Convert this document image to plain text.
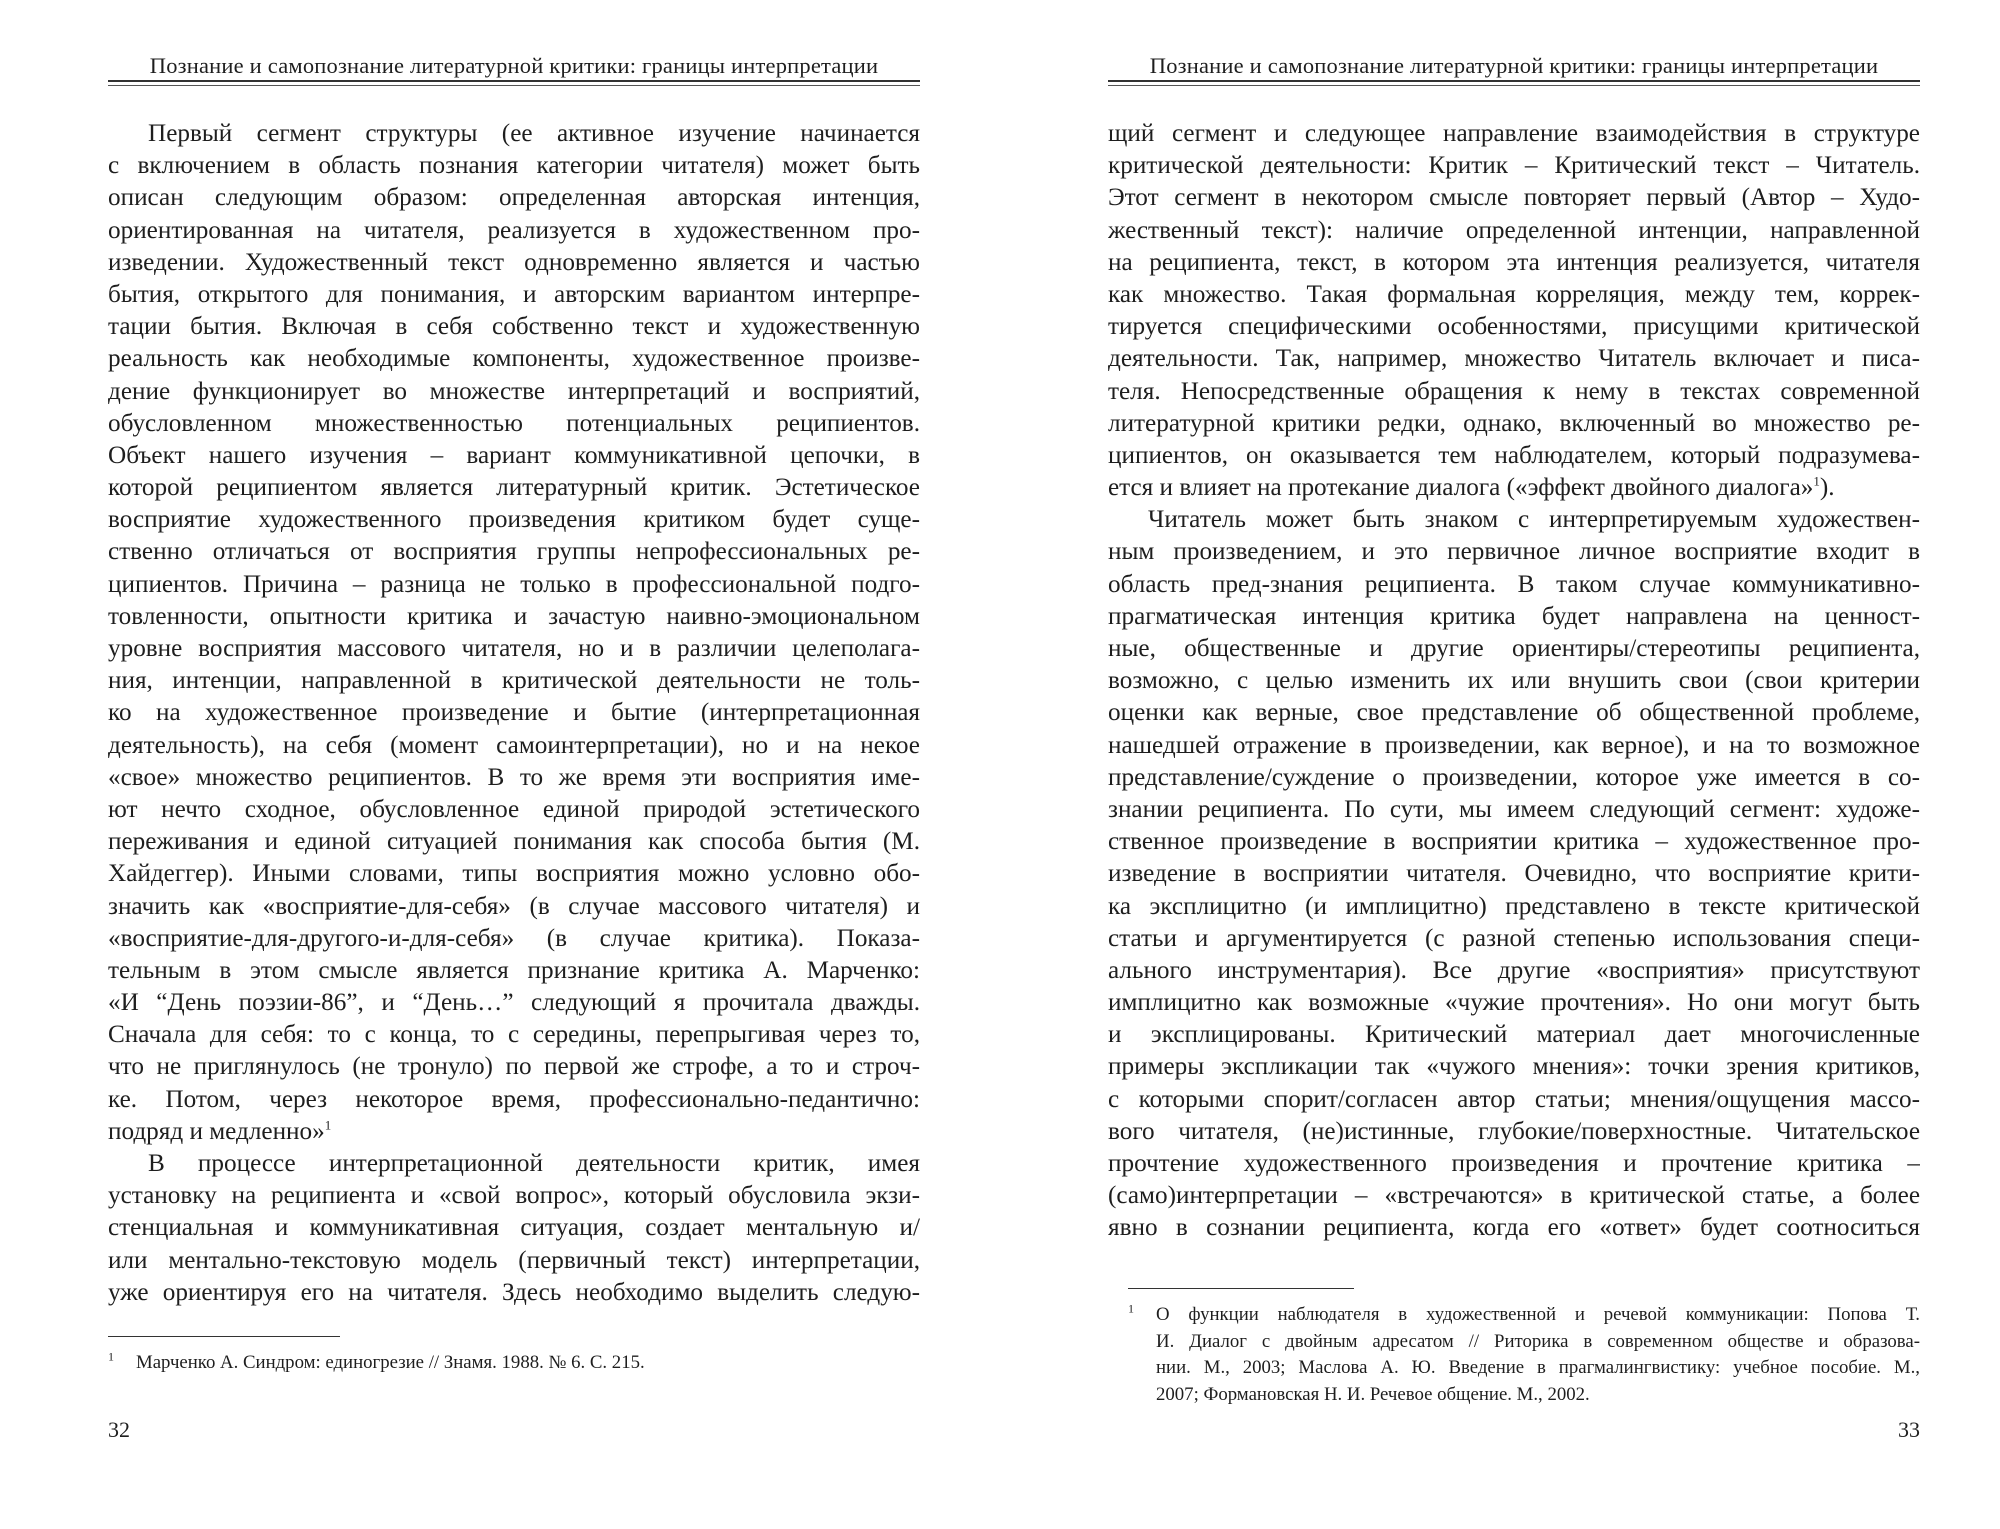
Познание и самопознание литературной критики: границы интерпретации
Первый сегмент структуры (ее активное изучение начинается
с включением в область познания категории читателя) может быть
описан следующим образом: определенная авторская интенция,
ориентированная на читателя, реализуется в художественном про-
изведении. Художественный текст одновременно является и частью
бытия, открытого для понимания, и авторским вариантом интерпре-
тации бытия. Включая в себя собственно текст и художественную
реальность как необходимые компоненты, художественное произве-
дение функционирует во множестве интерпретаций и восприятий,
обусловленном множественностью потенциальных реципиентов.
Объект нашего изучения – вариант коммуникативной цепочки, в
которой реципиентом является литературный критик. Эстетическое
восприятие художественного произведения критиком будет суще-
ственно отличаться от восприятия группы непрофессиональных ре-
ципиентов. Причина – разница не только в профессиональной подго-
товленности, опытности критика и зачастую наивно-эмоциональном
уровне восприятия массового читателя, но и в различии целеполага-
ния, интенции, направленной в критической деятельности не толь-
ко на художественное произведение и бытие (интерпретационная
деятельность), на себя (момент самоинтерпретации), но и на некое
«свое» множество реципиентов. В то же время эти восприятия име-
ют нечто сходное, обусловленное единой природой эстетического
переживания и единой ситуацией понимания как способа бытия (М.
Хайдеггер). Иными словами, типы восприятия можно условно обо-
значить как «восприятие-для-себя» (в случае массового читателя) и
«восприятие-для-другого-и-для-себя» (в случае критика). Показа-
тельным в этом смысле является признание критика А. Марченко:
«И “День поэзии-86”, и “День…” следующий я прочитала дважды.
Сначала для себя: то с конца, то с середины, перепрыгивая через то,
что не приглянулось (не тронуло) по первой же строфе, а то и строч-
ке. Потом, через некоторое время, профессионально-педантично:
подряд и медленно»$^1$
В процессе интерпретационной деятельности критик, имея
установку на реципиента и «свой вопрос», который обусловила экзи-
стенциальная и коммуникативная ситуация, создает ментальную и/
или ментально-текстовую модель (первичный текст) интерпретации,
уже ориентируя его на читателя. Здесь необходимо выделить следую-
$^1$ Марченко А. Синдром: единогрезие // Знамя. 1988. № 6. С. 215.
32
Познание и самопознание литературной критики: границы интерпретации
щий сегмент и следующее направление взаимодействия в структуре
критической деятельности: Критик – Критический текст – Читатель.
Этот сегмент в некотором смысле повторяет первый (Автор – Худо-
жественный текст): наличие определенной интенции, направленной
на реципиента, текст, в котором эта интенция реализуется, читателя
как множество. Такая формальная корреляция, между тем, коррек-
тируется специфическими особенностями, присущими критической
деятельности. Так, например, множество Читатель включает и писа-
теля. Непосредственные обращения к нему в текстах современной
литературной критики редки, однако, включенный во множество ре-
ципиентов, он оказывается тем наблюдателем, который подразумева-
ется и влияет на протекание диалога («эффект двойного диалога»$^1$).
Читатель может быть знаком с интерпретируемым художествен-
ным произведением, и это первичное личное восприятие входит в
область пред-знания реципиента. В таком случае коммуникативно-
прагматическая интенция критика будет направлена на ценност-
ные, общественные и другие ориентиры/стереотипы реципиента,
возможно, с целью изменить их или внушить свои (свои критерии
оценки как верные, свое представление об общественной проблеме,
нашедшей отражение в произведении, как верное), и на то возможное
представление/суждение о произведении, которое уже имеется в со-
знании реципиента. По сути, мы имеем следующий сегмент: художе-
ственное произведение в восприятии критика – художественное про-
изведение в восприятии читателя. Очевидно, что восприятие крити-
ка эксплицитно (и имплицитно) представлено в тексте критической
статьи и аргументируется (с разной степенью использования специ-
ального инструментария). Все другие «восприятия» присутствуют
имплицитно как возможные «чужие прочтения». Но они могут быть
и эксплицированы. Критический материал дает многочисленные
примеры экспликации так «чужого мнения»: точки зрения критиков,
с которыми спорит/согласен автор статьи; мнения/ощущения массо-
вого читателя, (не)истинные, глубокие/поверхностные. Читательское
прочтение художественного произведения и прочтение критика –
(само)интерпретации – «встречаются» в критической статье, а более
явно в сознании реципиента, когда его «ответ» будет соотноситься
$^1$ О функции наблюдателя в художественной и речевой коммуникации: Попова Т.
И. Диалог с двойным адресатом // Риторика в современном обществе и образова-
нии. М., 2003; Маслова А. Ю. Введение в прагмалингвистику: учебное пособие. М.,
2007; Формановская Н. И. Речевое общение. М., 2002.
33
